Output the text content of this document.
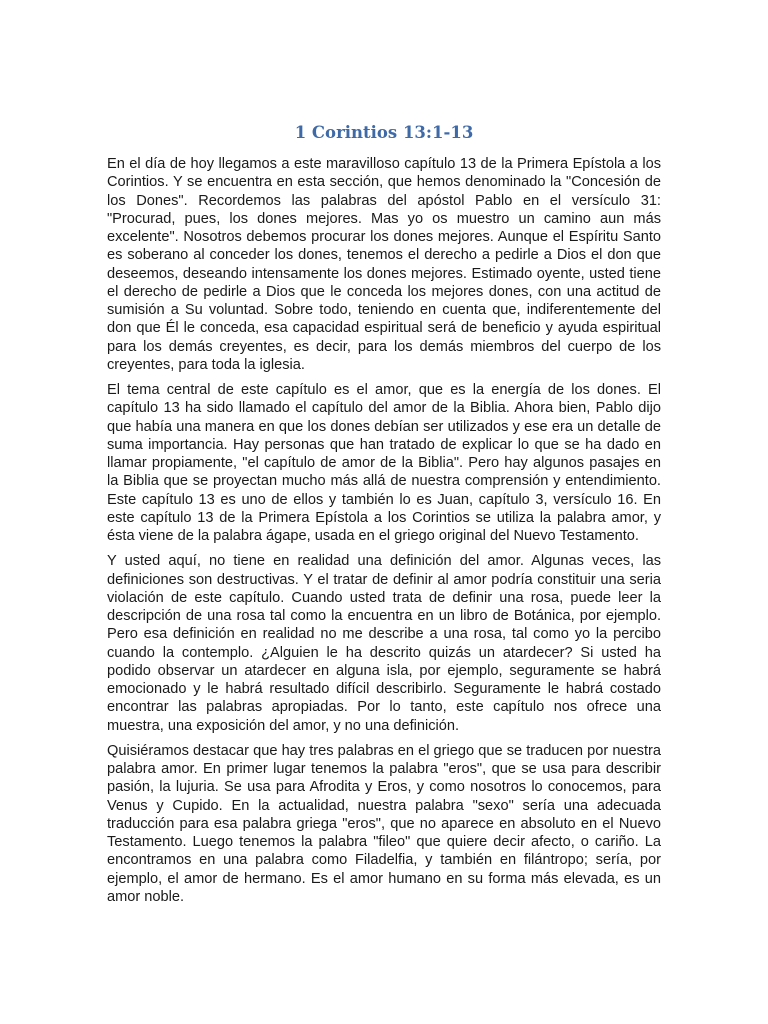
1 Corintios 13:1-13

En el día de hoy llegamos a este maravilloso capítulo 13 de la Primera Epístola a los Corintios. Y se encuentra en esta sección, que hemos denominado la "Concesión de los Dones". Recordemos las palabras del apóstol Pablo en el versículo 31: "Procurad, pues, los dones mejores. Mas yo os muestro un camino aun más excelente". Nosotros debemos procurar los dones mejores. Aunque el Espíritu Santo es soberano al conceder los dones, tenemos el derecho a pedirle a Dios el don que deseemos, deseando intensamente los dones mejores. Estimado oyente, usted tiene el derecho de pedirle a Dios que le conceda los mejores dones, con una actitud de sumisión a Su voluntad. Sobre todo, teniendo en cuenta que, indiferentemente del don que Él le conceda, esa capacidad espiritual será de beneficio y ayuda espiritual para los demás creyentes, es decir, para los demás miembros del cuerpo de los creyentes, para toda la iglesia.

El tema central de este capítulo es el amor, que es la energía de los dones. El capítulo 13 ha sido llamado el capítulo del amor de la Biblia. Ahora bien, Pablo dijo que había una manera en que los dones debían ser utilizados y ese era un detalle de suma importancia. Hay personas que han tratado de explicar lo que se ha dado en llamar propiamente, "el capítulo de amor de la Biblia". Pero hay algunos pasajes en la Biblia que se proyectan mucho más allá de nuestra comprensión y entendimiento. Este capítulo 13 es uno de ellos y también lo es Juan, capítulo 3, versículo 16. En este capítulo 13 de la Primera Epístola a los Corintios se utiliza la palabra amor, y ésta viene de la palabra ágape, usada en el griego original del Nuevo Testamento.

Y usted aquí, no tiene en realidad una definición del amor. Algunas veces, las definiciones son destructivas. Y el tratar de definir al amor podría constituir una seria violación de este capítulo. Cuando usted trata de definir una rosa, puede leer la descripción de una rosa tal como la encuentra en un libro de Botánica, por ejemplo. Pero esa definición en realidad no me describe a una rosa, tal como yo la percibo cuando la contemplo. ¿Alguien le ha descrito quizás un atardecer? Si usted ha podido observar un atardecer en alguna isla, por ejemplo, seguramente se habrá emocionado y le habrá resultado difícil describirlo. Seguramente le habrá costado encontrar las palabras apropiadas. Por lo tanto, este capítulo nos ofrece una muestra, una exposición del amor, y no una definición.

Quisiéramos destacar que hay tres palabras en el griego que se traducen por nuestra palabra amor. En primer lugar tenemos la palabra "eros", que se usa para describir pasión, la lujuria. Se usa para Afrodita y Eros, y como nosotros lo conocemos, para Venus y Cupido. En la actualidad, nuestra palabra "sexo" sería una adecuada traducción para esa palabra griega "eros", que no aparece en absoluto en el Nuevo Testamento. Luego tenemos la palabra "fileo" que quiere decir afecto, o cariño. La encontramos en una palabra como Filadelfia, y también en filántropo; sería, por ejemplo, el amor de hermano. Es el amor humano en su forma más elevada, es un amor noble.
